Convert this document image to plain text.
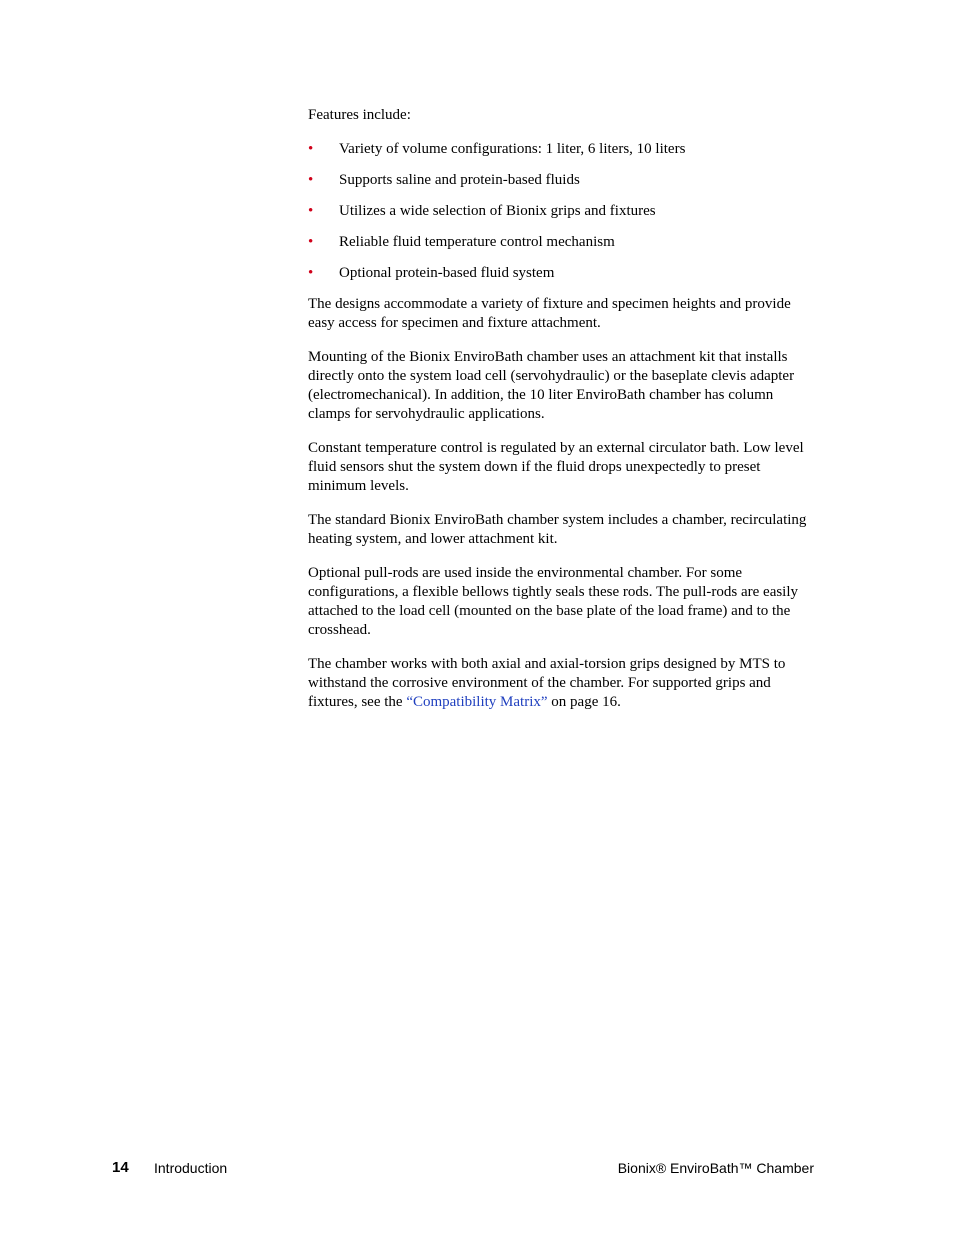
Features include:

• Variety of volume configurations: 1 liter, 6 liters, 10 liters
• Supports saline and protein-based fluids
• Utilizes a wide selection of Bionix grips and fixtures
• Reliable fluid temperature control mechanism
• Optional protein-based fluid system

The designs accommodate a variety of fixture and specimen heights and provide easy access for specimen and fixture attachment.

Mounting of the Bionix EnviroBath chamber uses an attachment kit that installs directly onto the system load cell (servohydraulic) or the baseplate clevis adapter (electromechanical). In addition, the 10 liter EnviroBath chamber has column clamps for servohydraulic applications.

Constant temperature control is regulated by an external circulator bath. Low level fluid sensors shut the system down if the fluid drops unexpectedly to preset minimum levels.

The standard Bionix EnviroBath chamber system includes a chamber, recirculating heating system, and lower attachment kit.

Optional pull-rods are used inside the environmental chamber. For some configurations, a flexible bellows tightly seals these rods. The pull-rods are easily attached to the load cell (mounted on the base plate of the load frame) and to the crosshead.

The chamber works with both axial and axial-torsion grips designed by MTS to withstand the corrosive environment of the chamber. For supported grips and fixtures, see the “Compatibility Matrix” on page 16.

14 Introduction	Bionix® EnviroBath™ Chamber
